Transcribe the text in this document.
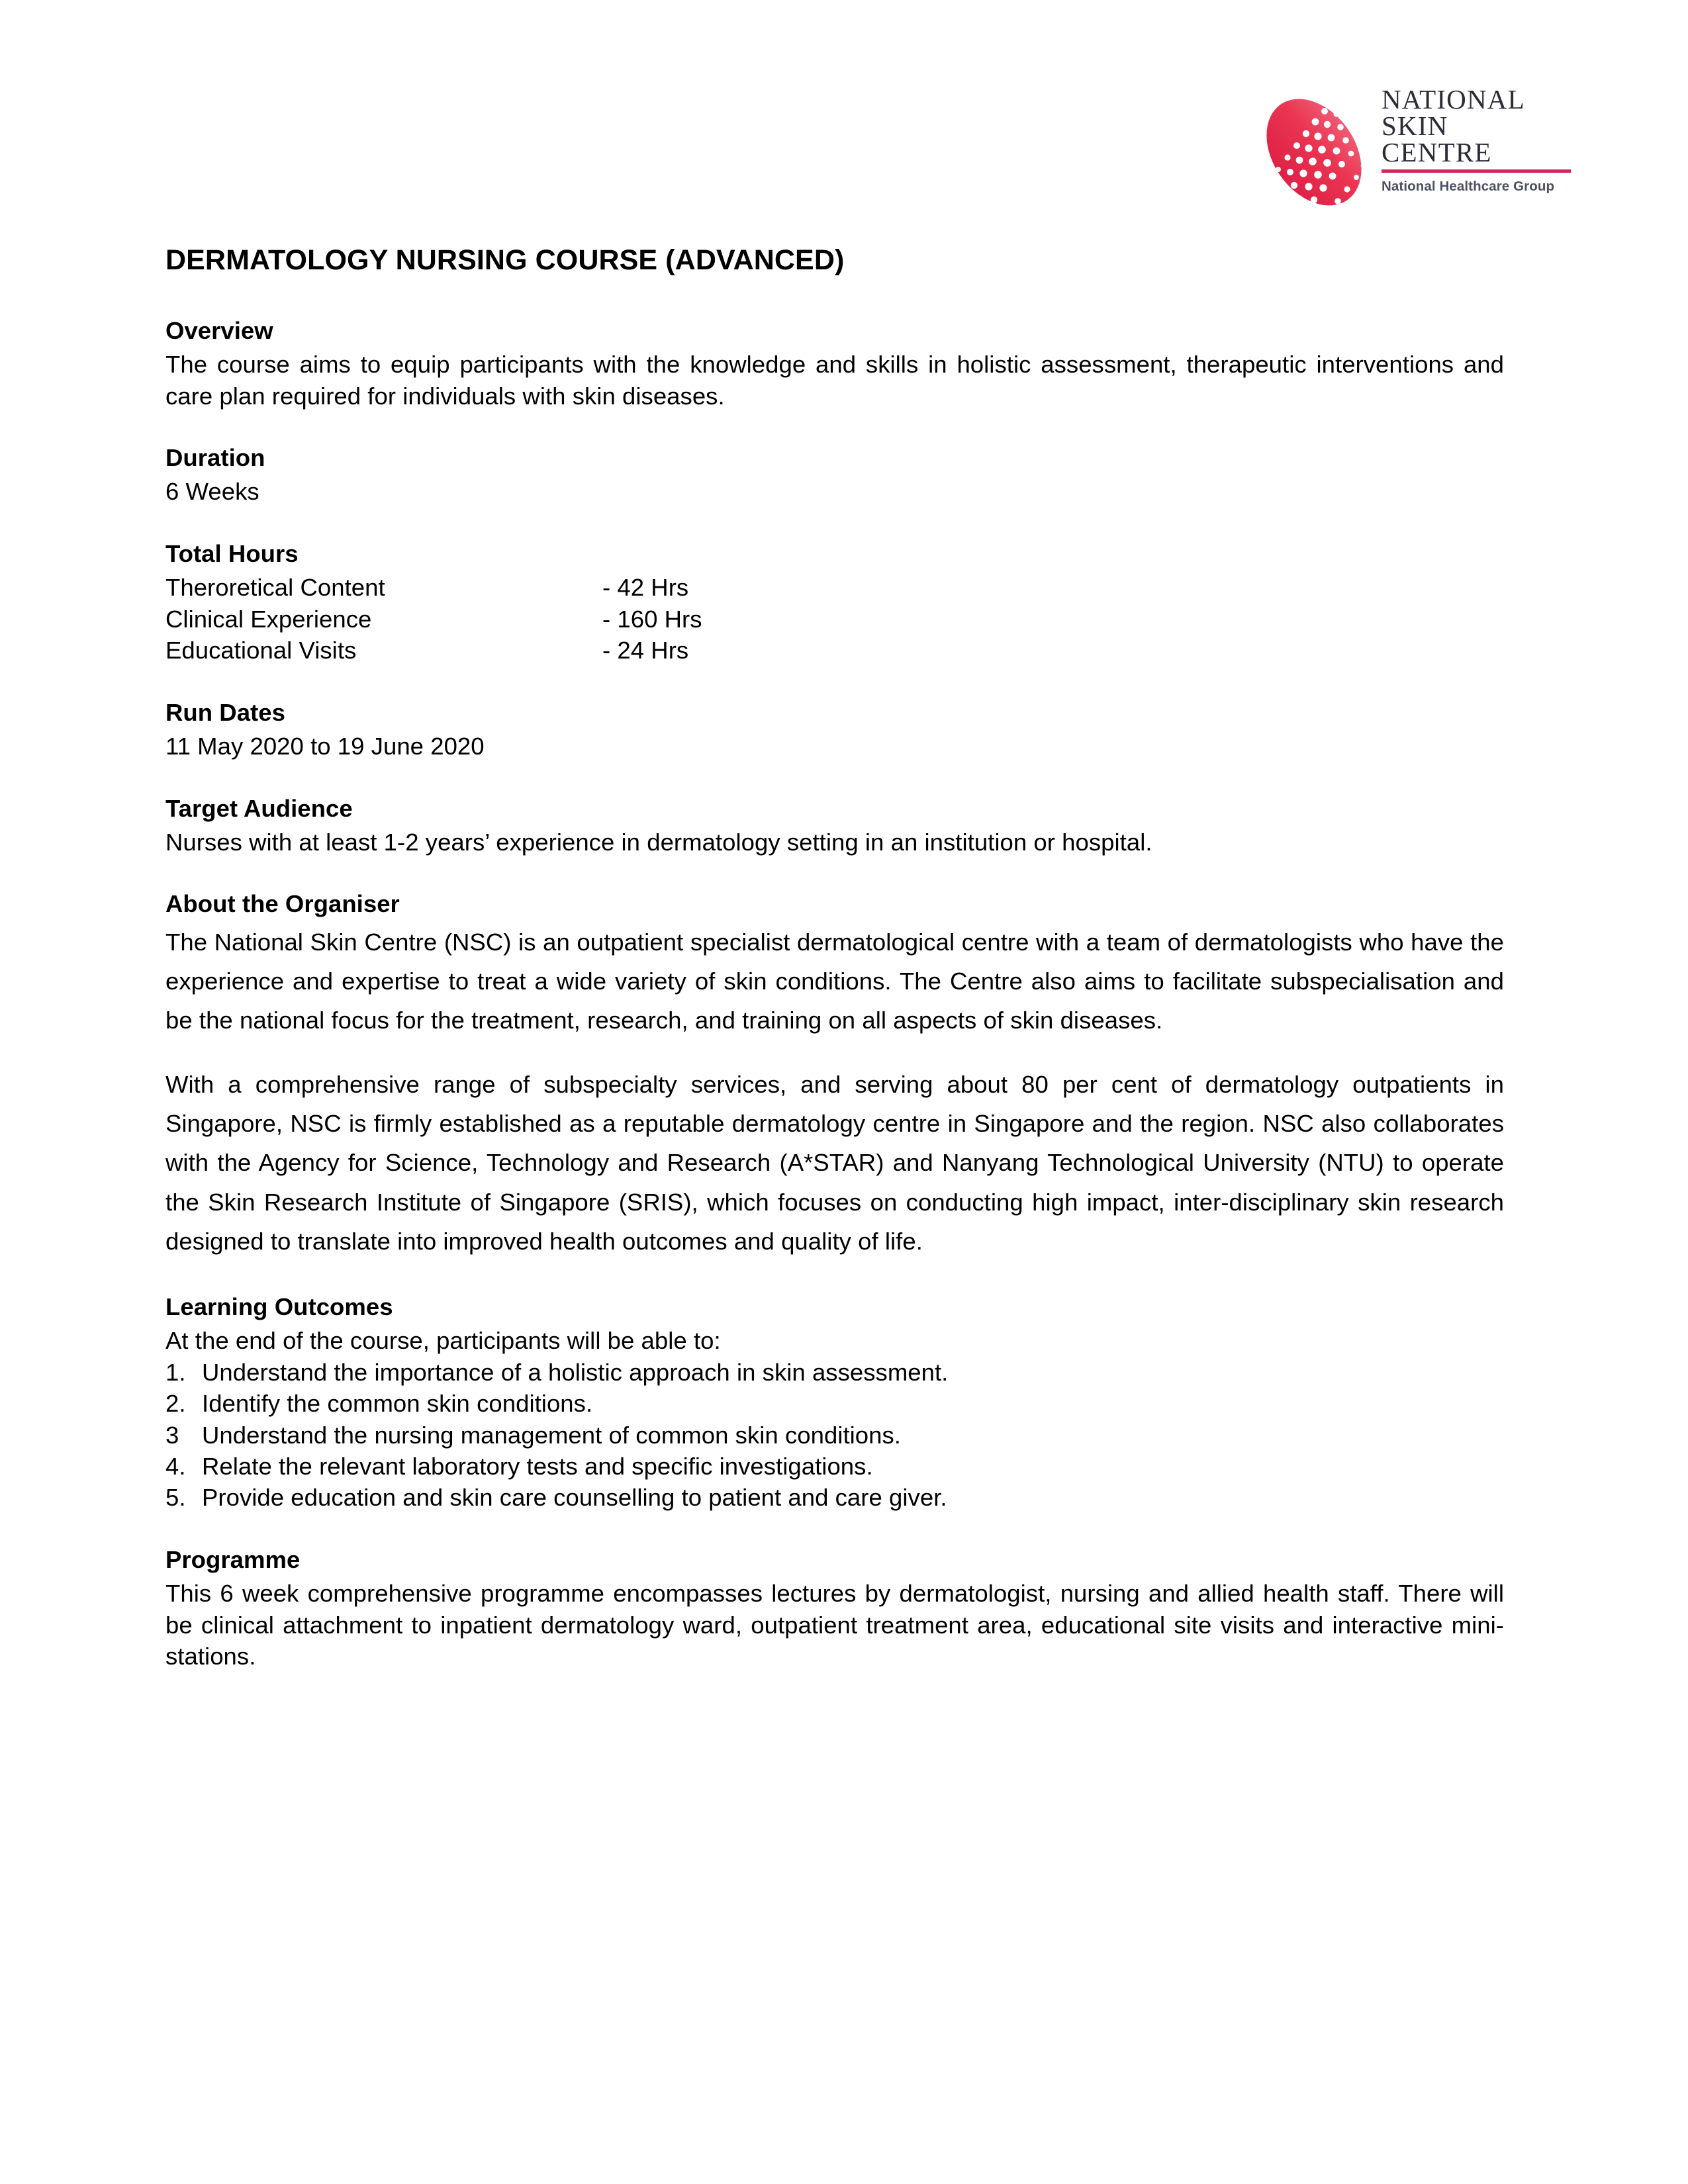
NATIONAL
SKIN
CENTRE
National Healthcare Group
DERMATOLOGY NURSING COURSE (ADVANCED)
Overview

The course aims to equip participants with the knowledge and skills in holistic assessment, therapeutic interventions and care plan required for individuals with skin diseases.

Duration

6 Weeks

Total Hours
Theroretical Content	- 42 Hrs
Clinical Experience	- 160 Hrs
Educational Visits	- 24 Hrs
Run Dates

11 May 2020 to 19 June 2020

Target Audience

Nurses with at least 1-2 years’ experience in dermatology setting in an institution or hospital.

About the Organiser

The National Skin Centre (NSC) is an outpatient specialist dermatological centre with a team of dermatologists who have the experience and expertise to treat a wide variety of skin conditions. The Centre also aims to facilitate subspecialisation and be the national focus for the treatment, research, and training on all aspects of skin diseases.

With a comprehensive range of subspecialty services, and serving about 80 per cent of dermatology outpatients in Singapore, NSC is firmly established as a reputable dermatology centre in Singapore and the region. NSC also collaborates with the Agency for Science, Technology and Research (A*STAR) and Nanyang Technological University (NTU) to operate the Skin Research Institute of Singapore (SRIS), which focuses on conducting high impact, inter-disciplinary skin research designed to translate into improved health outcomes and quality of life.

Learning Outcomes

At the end of the course, participants will be able to:

1. Understand the importance of a holistic approach in skin assessment.
2. Identify the common skin conditions.
3 Understand the nursing management of common skin conditions.
4. Relate the relevant laboratory tests and specific investigations.
5. Provide education and skin care counselling to patient and care giver.
Programme

This 6 week comprehensive programme encompasses lectures by dermatologist, nursing and allied health staff. There will be clinical attachment to inpatient dermatology ward, outpatient treatment area, educational site visits and interactive mini-stations.
